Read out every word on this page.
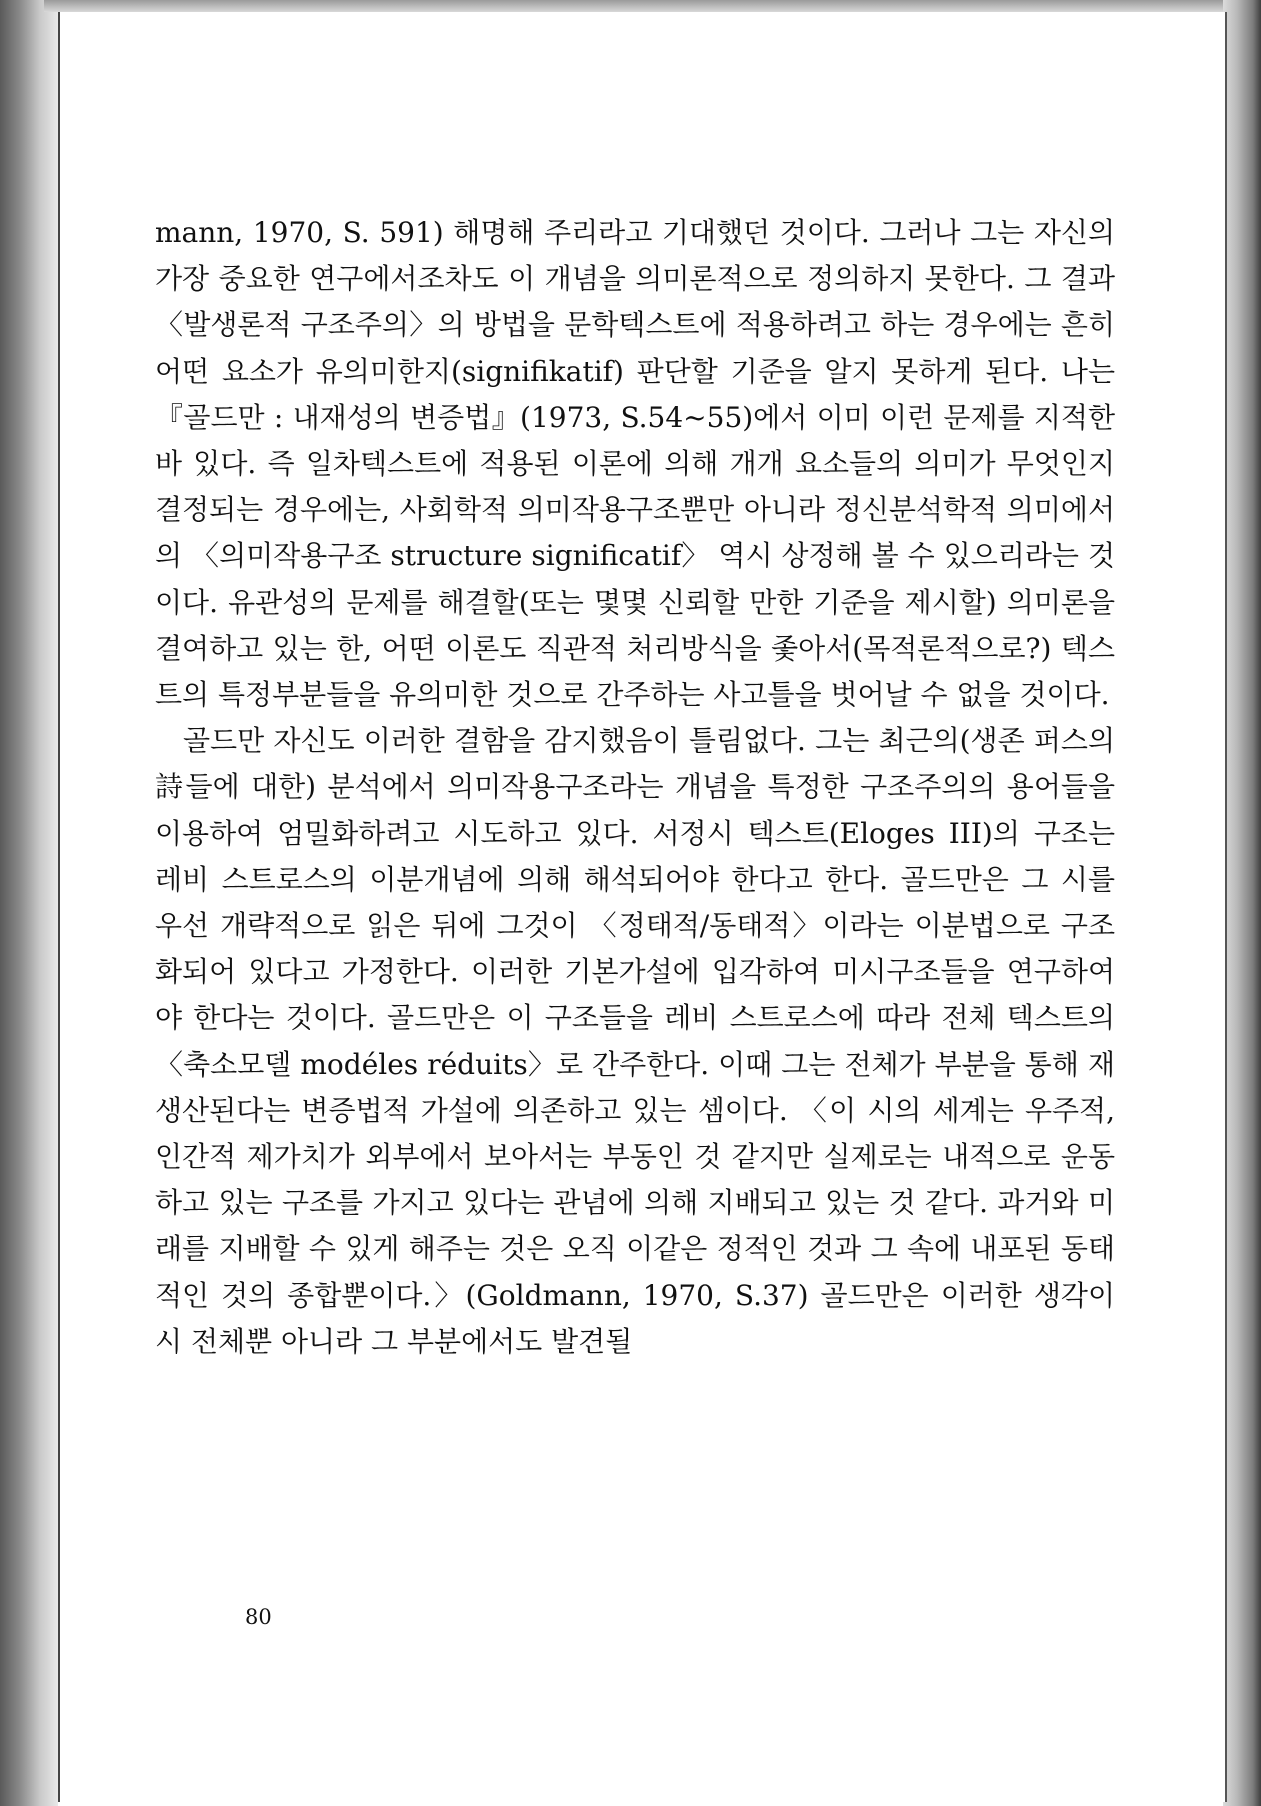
mann, 1970, S. 591) 해명해 주리라고 기대했던 것이다. 그러나 그는 자신의 가장 중요한 연구에서조차도 이 개념을 의미론적으로 정의하지 못한다. 그 결과 〈발생론적 구조주의〉의 방법을 문학텍스트에 적용하려고 하는 경우에는 흔히 어떤 요소가 유의미한지(signifikatif) 판단할 기준을 알지 못하게 된다. 나는 『골드만 : 내재성의 변증법』(1973, S.54~55)에서 이미 이런 문제를 지적한 바 있다. 즉 일차텍스트에 적용된 이론에 의해 개개 요소들의 의미가 무엇인지 결정되는 경우에는, 사회학적 의미작용구조뿐만 아니라 정신분석학적 의미에서의 〈의미작용구조 structure significatif〉 역시 상정해 볼 수 있으리라는 것이다. 유관성의 문제를 해결할(또는 몇몇 신뢰할 만한 기준을 제시할) 의미론을 결여하고 있는 한, 어떤 이론도 직관적 처리방식을 좇아서(목적론적으로?) 텍스트의 특정부분들을 유의미한 것으로 간주하는 사고틀을 벗어날 수 없을 것이다.

골드만 자신도 이러한 결함을 감지했음이 틀림없다. 그는 최근의(생존 퍼스의 詩들에 대한) 분석에서 의미작용구조라는 개념을 특정한 구조주의의 용어들을 이용하여 엄밀화하려고 시도하고 있다. 서정시 텍스트(Eloges III)의 구조는 레비 스트로스의 이분개념에 의해 해석되어야 한다고 한다. 골드만은 그 시를 우선 개략적으로 읽은 뒤에 그것이 〈정태적/동태적〉이라는 이분법으로 구조화되어 있다고 가정한다. 이러한 기본가설에 입각하여 미시구조들을 연구하여야 한다는 것이다. 골드만은 이 구조들을 레비 스트로스에 따라 전체 텍스트의 〈축소모델 modéles réduits〉로 간주한다. 이때 그는 전체가 부분을 통해 재생산된다는 변증법적 가설에 의존하고 있는 셈이다. 〈이 시의 세계는 우주적, 인간적 제가치가 외부에서 보아서는 부동인 것 같지만 실제로는 내적으로 운동하고 있는 구조를 가지고 있다는 관념에 의해 지배되고 있는 것 같다. 과거와 미래를 지배할 수 있게 해주는 것은 오직 이같은 정적인 것과 그 속에 내포된 동태적인 것의 종합뿐이다.〉(Goldmann, 1970, S.37) 골드만은 이러한 생각이 시 전체뿐 아니라 그 부분에서도 발견될

80
